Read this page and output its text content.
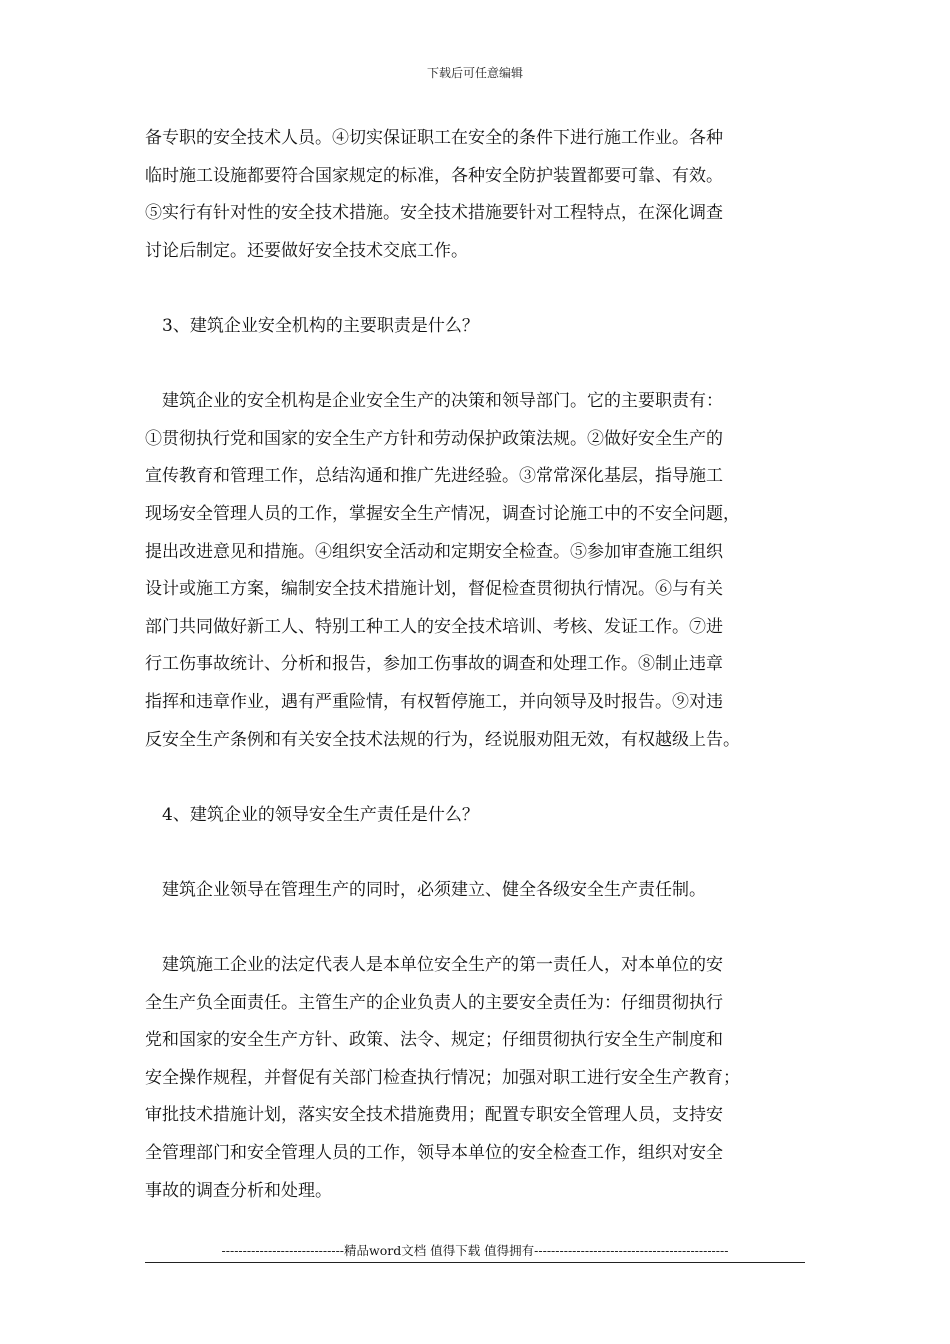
下载后可任意编辑

备专职的安全技术人员。④切实保证职工在安全的条件下进行施工作业。各种
临时施工设施都要符合国家规定的标准，各种安全防护装置都要可靠、有效。
⑤实行有针对性的安全技术措施。安全技术措施要针对工程特点，在深化调查
讨论后制定。还要做好安全技术交底工作。

3、建筑企业安全机构的主要职责是什么？

建筑企业的安全机构是企业安全生产的决策和领导部门。它的主要职责有：
①贯彻执行党和国家的安全生产方针和劳动保护政策法规。②做好安全生产的
宣传教育和管理工作，总结沟通和推广先进经验。③常常深化基层，指导施工
现场安全管理人员的工作，掌握安全生产情况，调查讨论施工中的不安全问题，
提出改进意见和措施。④组织安全活动和定期安全检查。⑤参加审查施工组织
设计或施工方案，编制安全技术措施计划，督促检查贯彻执行情况。⑥与有关
部门共同做好新工人、特别工种工人的安全技术培训、考核、发证工作。⑦进
行工伤事故统计、分析和报告，参加工伤事故的调查和处理工作。⑧制止违章
指挥和违章作业，遇有严重险情，有权暂停施工，并向领导及时报告。⑨对违
反安全生产条例和有关安全技术法规的行为，经说服劝阻无效，有权越级上告。

4、建筑企业的领导安全生产责任是什么？

建筑企业领导在管理生产的同时，必须建立、健全各级安全生产责任制。

建筑施工企业的法定代表人是本单位安全生产的第一责任人，对本单位的安
全生产负全面责任。主管生产的企业负责人的主要安全责任为：仔细贯彻执行
党和国家的安全生产方针、政策、法令、规定；仔细贯彻执行安全生产制度和
安全操作规程，并督促有关部门检查执行情况；加强对职工进行安全生产教育；
审批技术措施计划，落实安全技术措施费用；配置专职安全管理人员，支持安
全管理部门和安全管理人员的工作，领导本单位的安全检查工作，组织对安全
事故的调查分析和处理。

-----------------------------精品word文档 值得下载 值得拥有----------------------------------------------
